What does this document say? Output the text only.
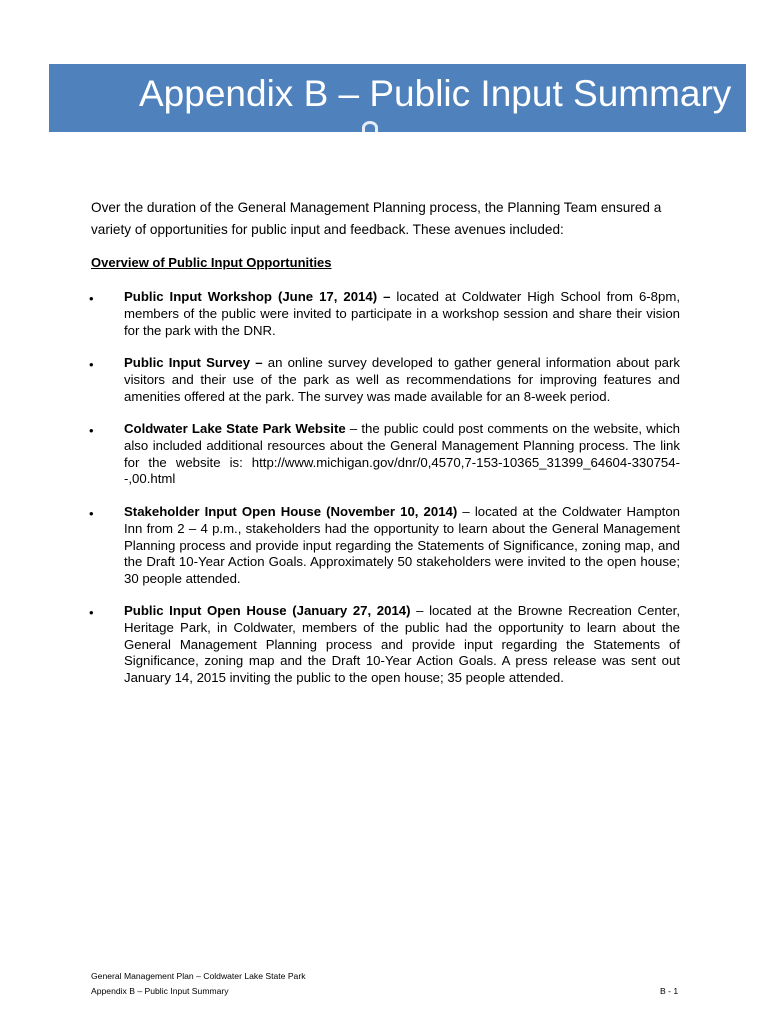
Appendix B – Public Input Summary

Over the duration of the General Management Planning process, the Planning Team ensured a variety of opportunities for public input and feedback. These avenues included:

Overview of Public Input Opportunities
• Public Input Workshop (June 17, 2014) – located at Coldwater High School from 6-8pm, members of the public were invited to participate in a workshop session and share their vision for the park with the DNR.

• Public Input Survey – an online survey developed to gather general information about park visitors and their use of the park as well as recommendations for improving features and amenities offered at the park. The survey was made available for an 8-week period.

• Coldwater Lake State Park Website – the public could post comments on the website, which also included additional resources about the General Management Planning process. The link for the website is: http://www.michigan.gov/dnr/0,4570,7-153-10365_31399_64604-330754--,00.html

• Stakeholder Input Open House (November 10, 2014) – located at the Coldwater Hampton Inn from 2 – 4 p.m., stakeholders had the opportunity to learn about the General Management Planning process and provide input regarding the Statements of Significance, zoning map, and the Draft 10-Year Action Goals. Approximately 50 stakeholders were invited to the open house; 30 people attended.

• Public Input Open House (January 27, 2014) – located at the Browne Recreation Center, Heritage Park, in Coldwater, members of the public had the opportunity to learn about the General Management Planning process and provide input regarding the Statements of Significance, zoning map and the Draft 10-Year Action Goals. A press release was sent out January 14, 2015 inviting the public to the open house; 35 people attended.

General Management Plan – Coldwater Lake State Park
Appendix B – Public Input Summary	B - 1
